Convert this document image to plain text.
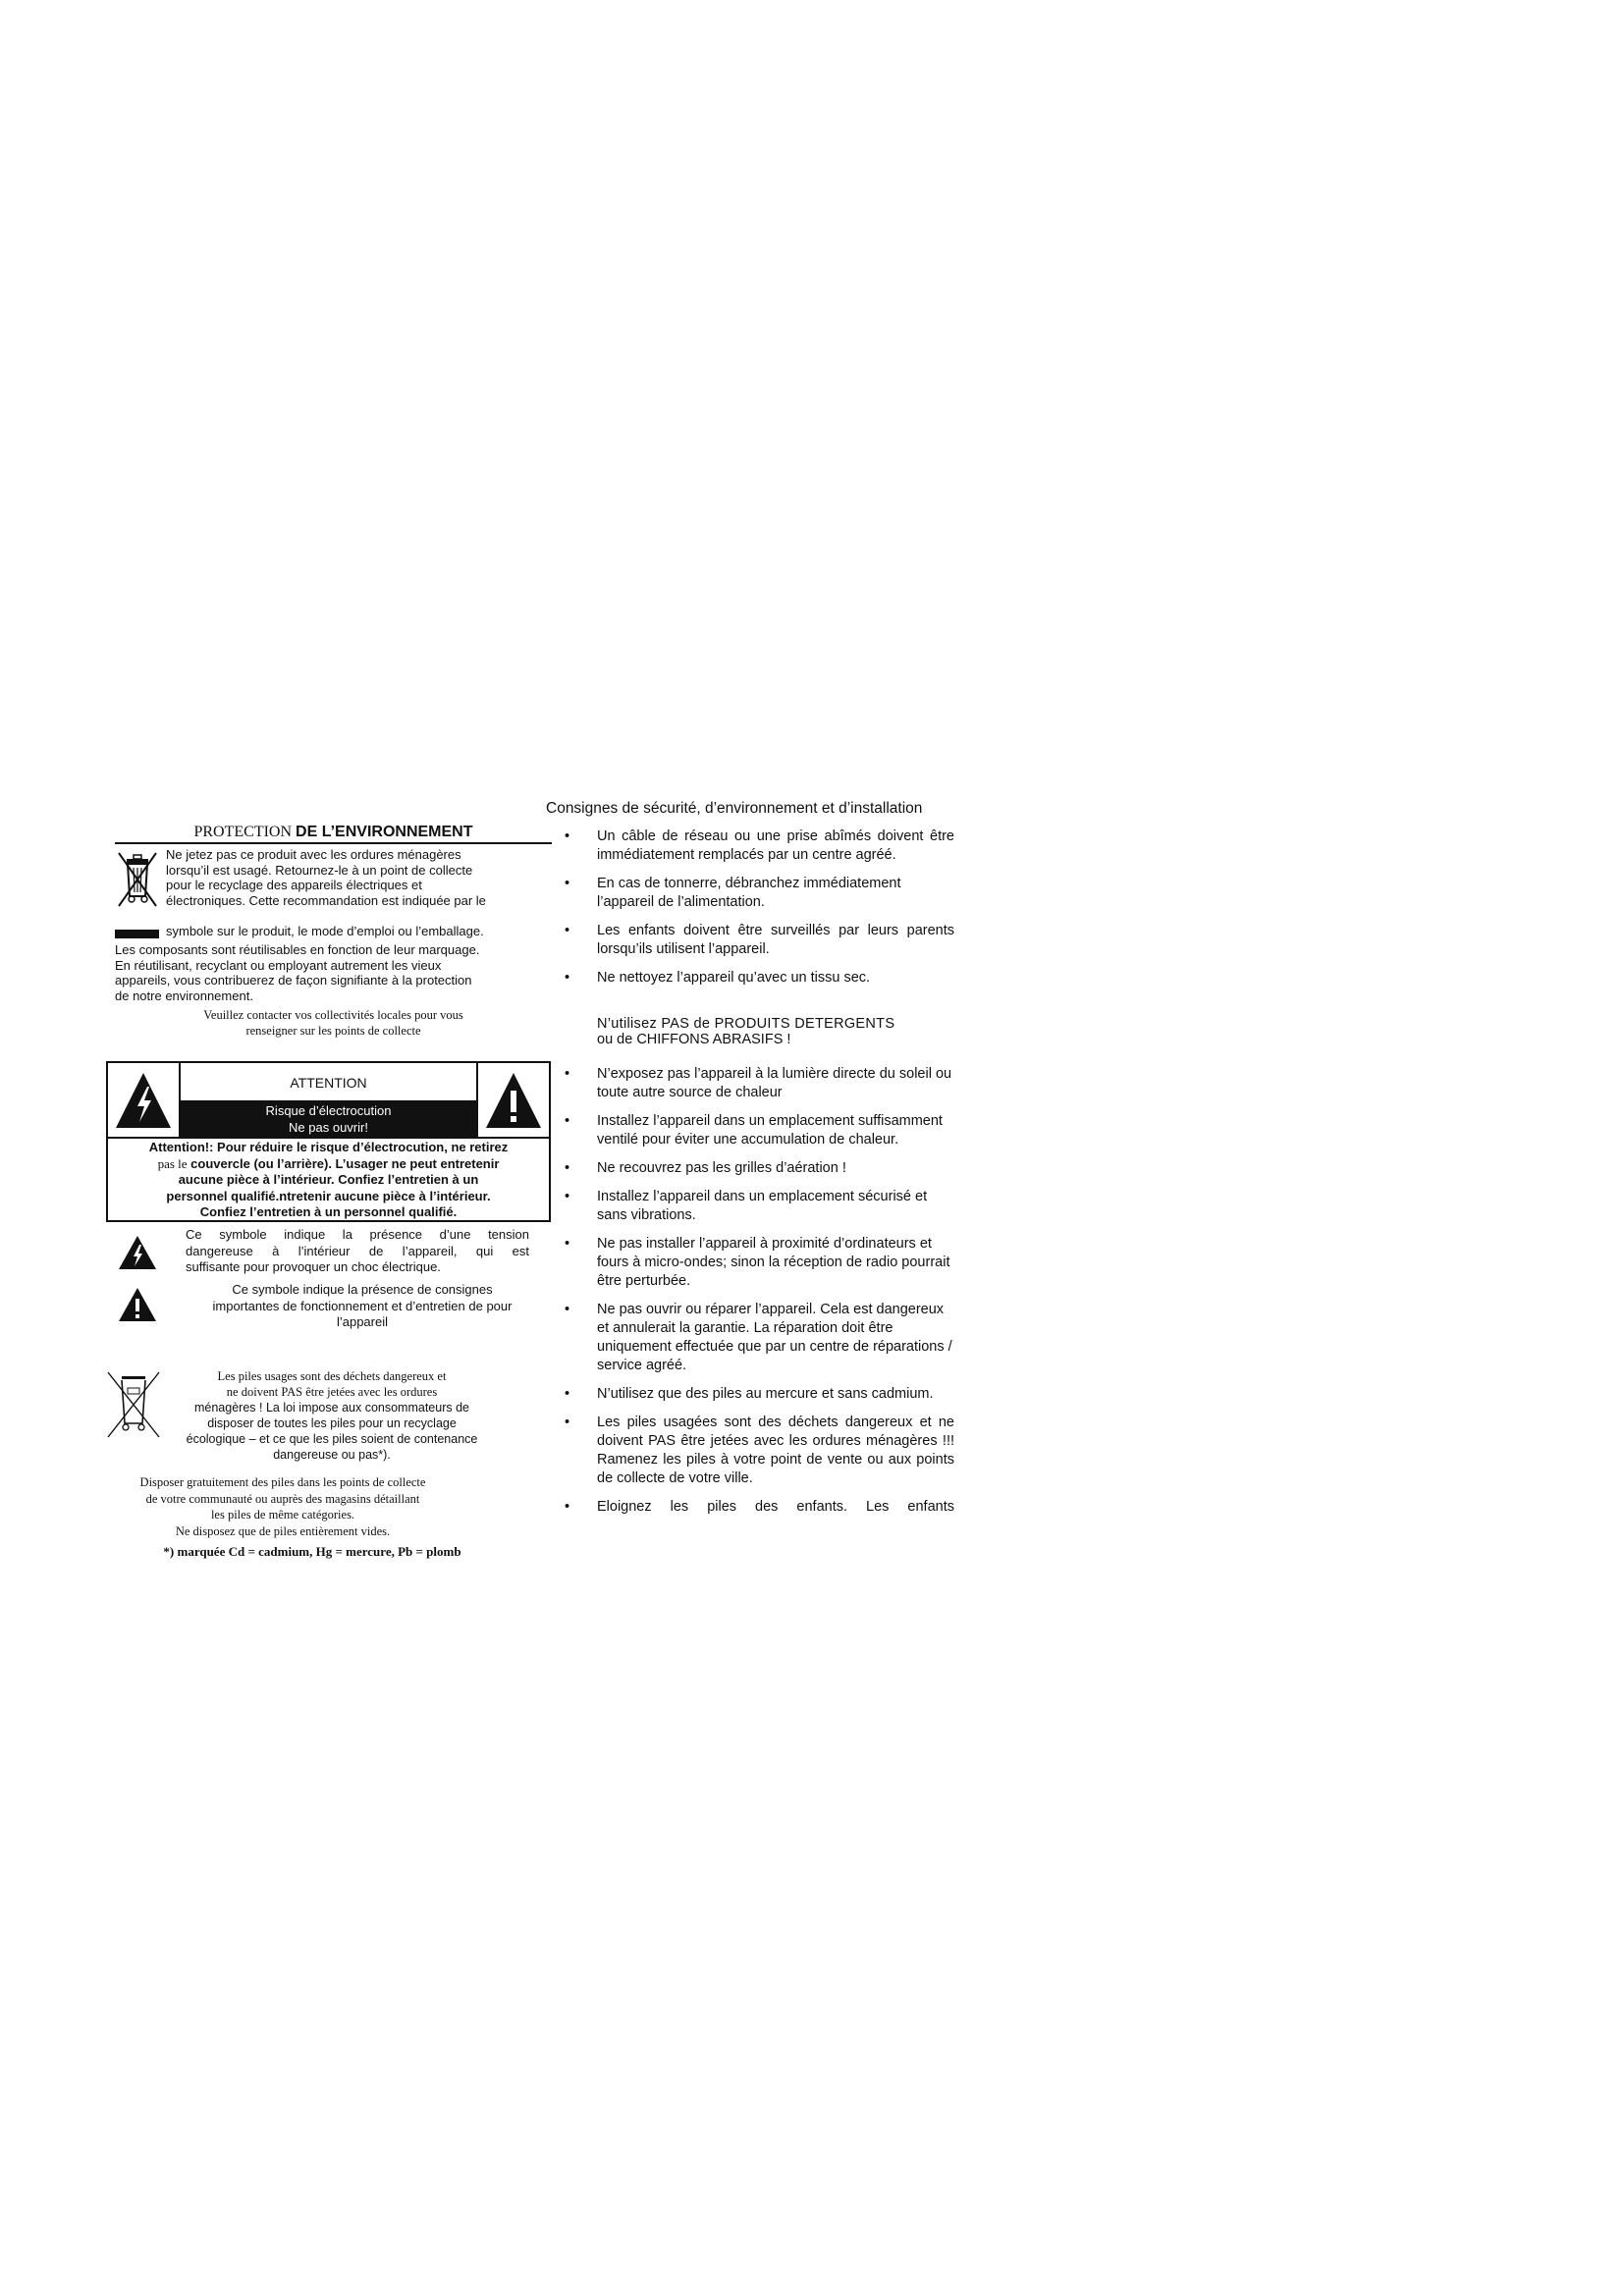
PROTECTION DE L’ENVIRONNEMENT
Ne jetez pas ce produit avec les ordures ménagères
lorsqu’il est usagé. Retournez-le à un point de collecte
pour le recyclage des appareils électriques et
électroniques. Cette recommandation est indiquée par le
symbole sur le produit, le mode d’emploi ou l’emballage.
Les composants sont réutilisables en fonction de leur marquage.
En réutilisant, recyclant ou employant autrement les vieux
appareils, vous contribuerez de façon signifiante à la protection
de notre environnement.
Veuillez contacter vos collectivités locales pour vous
renseigner sur les points de collecte
ATTENTION
Risque d’électrocution
Ne pas ouvrir!
Attention!: Pour réduire le risque d’électrocution, ne retirez
pas le couvercle (ou l’arrière). L’usager ne peut entretenir
aucune pièce à l’intérieur. Confiez l’entretien à un
personnel qualifié.ntretenir aucune pièce à l’intérieur.
Confiez l’entretien à un personnel qualifié.
Ce symbole indique la présence d’une tension
dangereuse à l’intérieur de l’appareil, qui est
suffisante pour provoquer un choc électrique.
Ce symbole indique la présence de consignes
importantes de fonctionnement et d’entretien de pour
l’appareil
Les piles usages sont des déchets dangereux et
ne doivent PAS être jetées avec les ordures
ménagères ! La loi impose aux consommateurs de
disposer de toutes les piles pour un recyclage
écologique – et ce que les piles soient de contenance
dangereuse ou pas*).
Disposer gratuitement des piles dans les points de collecte
de votre communauté ou auprès des magasins détaillant
les piles de même catégories.
Ne disposez que de piles entièrement vides.
*) marquée Cd = cadmium, Hg = mercure, Pb = plomb
Consignes de sécurité, d’environnement et d’installation
• Un câble de réseau ou une prise abîmés doivent être immédiatement remplacés par un centre agréé.
• En cas de tonnerre, débranchez immédiatement l’appareil de l’alimentation.
• Les enfants doivent être surveillés par leurs parents lorsqu’ils utilisent l’appareil.
• Ne nettoyez l’appareil qu’avec un tissu sec.
N’utilisez PAS de PRODUITS DETERGENTS
ou de CHIFFONS ABRASIFS !
• N’exposez pas l’appareil à la lumière directe du soleil ou toute autre source de chaleur
• Installez l’appareil dans un emplacement suffisamment ventilé pour éviter une accumulation de chaleur.
• Ne recouvrez pas les grilles d’aération !
• Installez l’appareil dans un emplacement sécurisé et sans vibrations.
• Ne pas installer l’appareil à proximité d’ordinateurs et fours à micro-ondes; sinon la réception de radio pourrait être perturbée.
• Ne pas ouvrir ou réparer l’appareil. Cela est dangereux et annulerait la garantie. La réparation doit être uniquement effectuée que par un centre de réparations / service agréé.
• N’utilisez que des piles au mercure et sans cadmium.
• Les piles usagées sont des déchets dangereux et ne doivent PAS être jetées avec les ordures ménagères !!! Ramenez les piles à votre point de vente ou aux points de collecte de votre ville.
• Eloignez les piles des enfants. Les enfants
